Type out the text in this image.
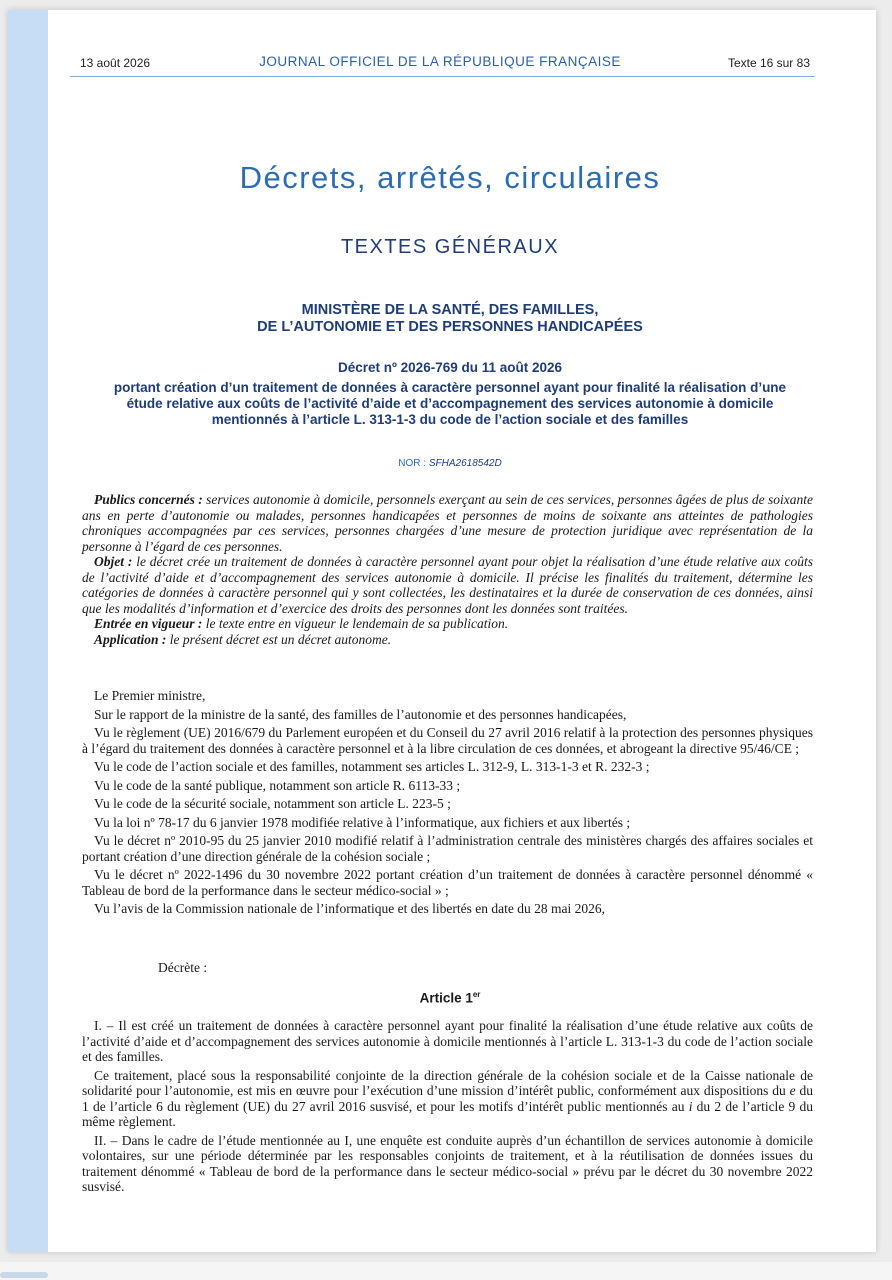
13 août 2026	JOURNAL OFFICIEL DE LA RÉPUBLIQUE FRANÇAISE	Texte 16 sur 83
Décrets, arrêtés, circulaires
TEXTES GÉNÉRAUX
MINISTÈRE DE LA SANTÉ, DES FAMILLES,
DE L’AUTONOMIE ET DES PERSONNES HANDICAPÉES
Décret nº 2026-769 du 11 août 2026
portant création d’un traitement de données à caractère personnel ayant pour finalité la réalisation d’une étude relative aux coûts de l’activité d’aide et d’accompagnement des services autonomie à domicile mentionnés à l’article L. 313-1-3 du code de l’action sociale et des familles
NOR : SFHA2618542D

Publics concernés : services autonomie à domicile, personnels exerçant au sein de ces services, personnes âgées de plus de soixante ans en perte d’autonomie ou malades, personnes handicapées et personnes de moins de soixante ans atteintes de pathologies chroniques accompagnées par ces services, personnes chargées d’une mesure de protection juridique avec représentation de la personne à l’égard de ces personnes.

Objet : le décret crée un traitement de données à caractère personnel ayant pour objet la réalisation d’une étude relative aux coûts de l’activité d’aide et d’accompagnement des services autonomie à domicile. Il précise les finalités du traitement, détermine les catégories de données à caractère personnel qui y sont collectées, les destinataires et la durée de conservation de ces données, ainsi que les modalités d’information et d’exercice des droits des personnes dont les données sont traitées.

Entrée en vigueur : le texte entre en vigueur le lendemain de sa publication.

Application : le présent décret est un décret autonome.

Le Premier ministre,

Sur le rapport de la ministre de la santé, des familles de l’autonomie et des personnes handicapées,

Vu le règlement (UE) 2016/679 du Parlement européen et du Conseil du 27 avril 2016 relatif à la protection des personnes physiques à l’égard du traitement des données à caractère personnel et à la libre circulation de ces données, et abrogeant la directive 95/46/CE ;

Vu le code de l’action sociale et des familles, notamment ses articles L. 312-9, L. 313-1-3 et R. 232-3 ;

Vu le code de la santé publique, notamment son article R. 6113-33 ;

Vu le code de la sécurité sociale, notamment son article L. 223-5 ;

Vu la loi nº 78-17 du 6 janvier 1978 modifiée relative à l’informatique, aux fichiers et aux libertés ;

Vu le décret nº 2010-95 du 25 janvier 2010 modifié relatif à l’administration centrale des ministères chargés des affaires sociales et portant création d’une direction générale de la cohésion sociale ;

Vu le décret nº 2022-1496 du 30 novembre 2022 portant création d’un traitement de données à caractère personnel dénommé « Tableau de bord de la performance dans le secteur médico-social » ;

Vu l’avis de la Commission nationale de l’informatique et des libertés en date du 28 mai 2026,

Décrète :
Article 1er

I. – Il est créé un traitement de données à caractère personnel ayant pour finalité la réalisation d’une étude relative aux coûts de l’activité d’aide et d’accompagnement des services autonomie à domicile mentionnés à l’article L. 313-1-3 du code de l’action sociale et des familles.

Ce traitement, placé sous la responsabilité conjointe de la direction générale de la cohésion sociale et de la Caisse nationale de solidarité pour l’autonomie, est mis en œuvre pour l’exécution d’une mission d’intérêt public, conformément aux dispositions du e du 1 de l’article 6 du règlement (UE) du 27 avril 2016 susvisé, et pour les motifs d’intérêt public mentionnés au i du 2 de l’article 9 du même règlement.

II. – Dans le cadre de l’étude mentionnée au I, une enquête est conduite auprès d’un échantillon de services autonomie à domicile volontaires, sur une période déterminée par les responsables conjoints de traitement, et à la réutilisation de données issues du traitement dénommé « Tableau de bord de la performance dans le secteur médico-social » prévu par le décret du 30 novembre 2022 susvisé.
